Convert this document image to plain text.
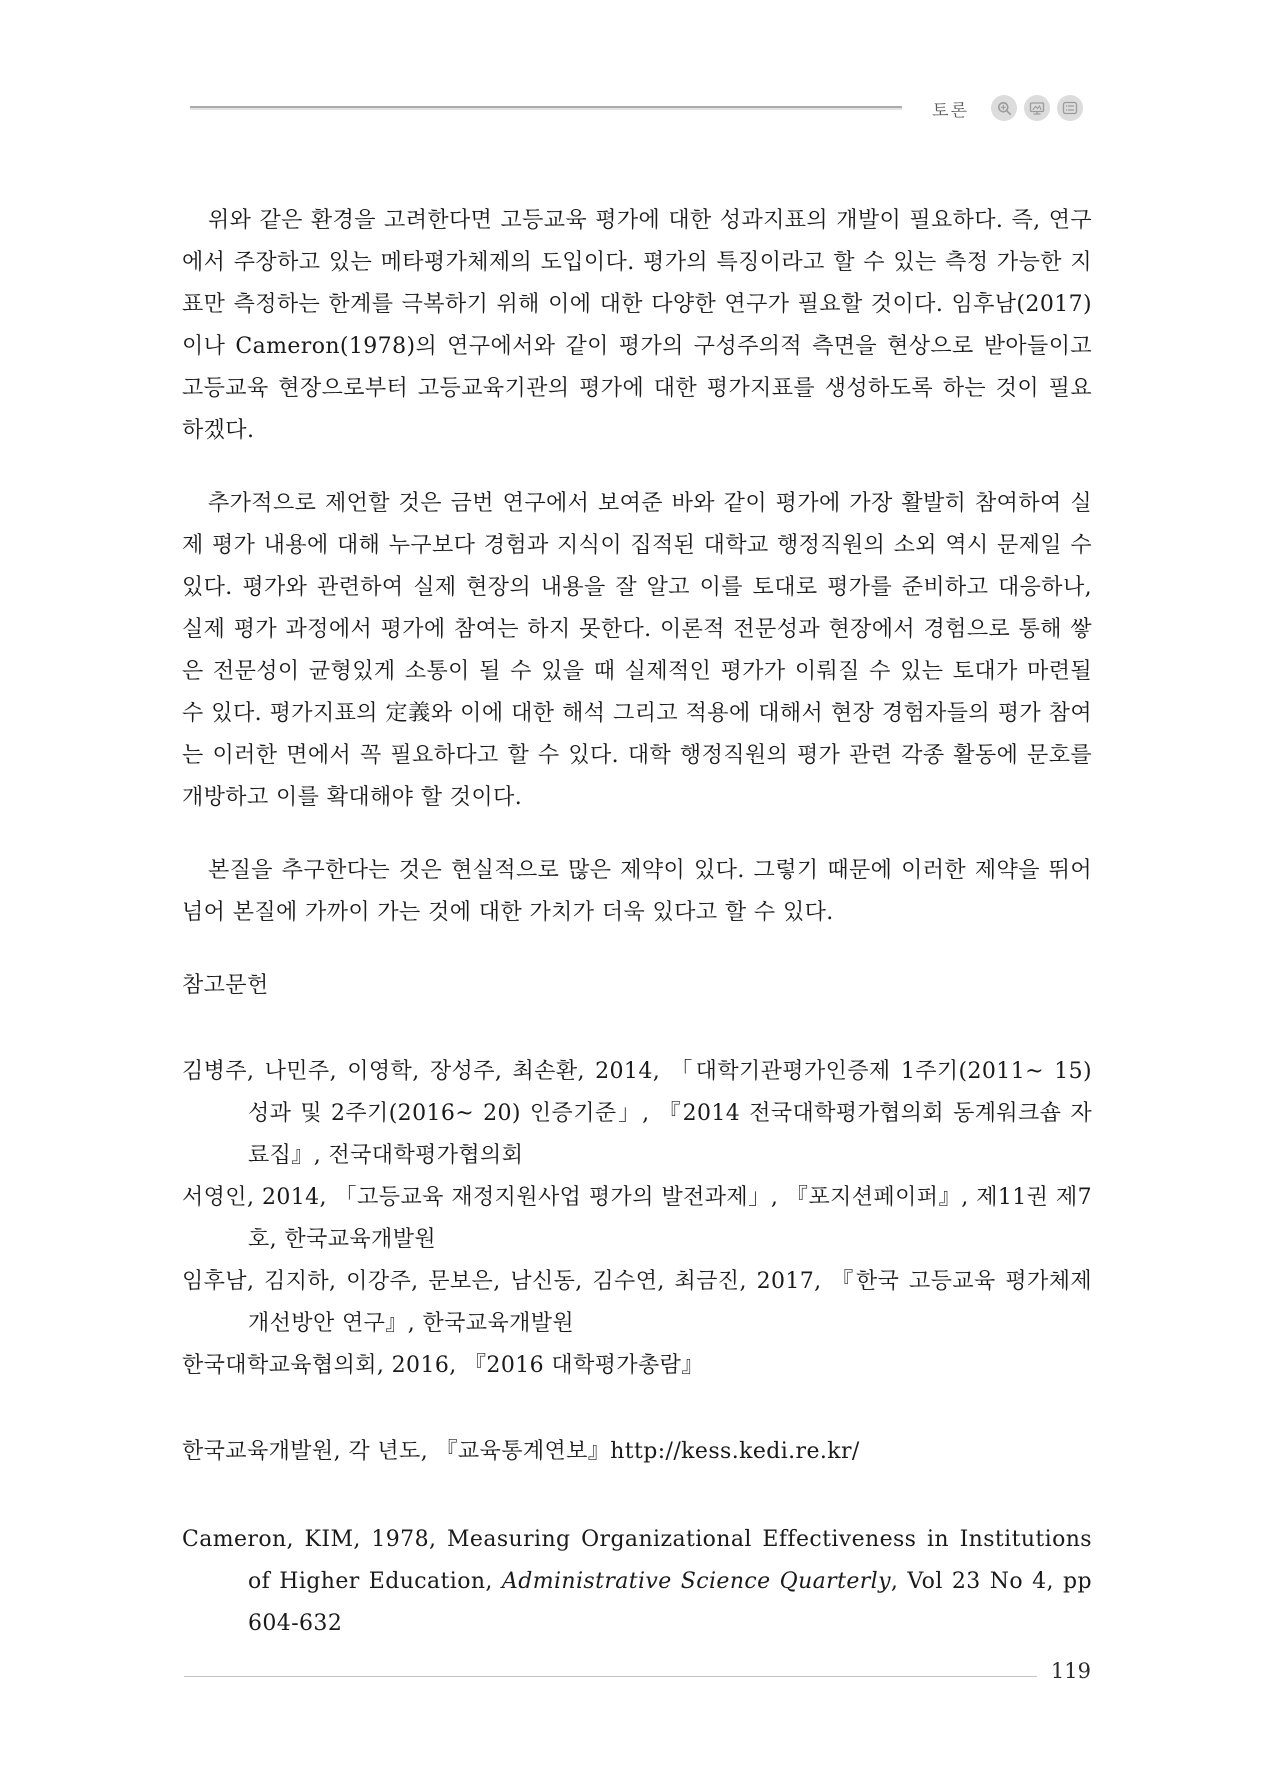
토론

위와 같은 환경을 고려한다면 고등교육 평가에 대한 성과지표의 개발이 필요하다. 즉, 연구에서 주장하고 있는 메타평가체제의 도입이다. 평가의 특징이라고 할 수 있는 측정 가능한 지표만 측정하는 한계를 극복하기 위해 이에 대한 다양한 연구가 필요할 것이다. 임후남(2017)이나 Cameron(1978)의 연구에서와 같이 평가의 구성주의적 측면을 현상으로 받아들이고 고등교육 현장으로부터 고등교육기관의 평가에 대한 평가지표를 생성하도록 하는 것이 필요하겠다.

추가적으로 제언할 것은 금번 연구에서 보여준 바와 같이 평가에 가장 활발히 참여하여 실제 평가 내용에 대해 누구보다 경험과 지식이 집적된 대학교 행정직원의 소외 역시 문제일 수 있다. 평가와 관련하여 실제 현장의 내용을 잘 알고 이를 토대로 평가를 준비하고 대응하나, 실제 평가 과정에서 평가에 참여는 하지 못한다. 이론적 전문성과 현장에서 경험으로 통해 쌓은 전문성이 균형있게 소통이 될 수 있을 때 실제적인 평가가 이뤄질 수 있는 토대가 마련될 수 있다. 평가지표의 定義와 이에 대한 해석 그리고 적용에 대해서 현장 경험자들의 평가 참여는 이러한 면에서 꼭 필요하다고 할 수 있다. 대학 행정직원의 평가 관련 각종 활동에 문호를 개방하고 이를 확대해야 할 것이다.

본질을 추구한다는 것은 현실적으로 많은 제약이 있다. 그렇기 때문에 이러한 제약을 뛰어넘어 본질에 가까이 가는 것에 대한 가치가 더욱 있다고 할 수 있다.

참고문헌

김병주, 나민주, 이영학, 장성주, 최손환, 2014, 「대학기관평가인증제 1주기(2011~ 15) 성과 및 2주기(2016~ 20) 인증기준」, 『2014 전국대학평가협의회 동계워크숍 자료집』, 전국대학평가협의회

서영인, 2014, 「고등교육 재정지원사업 평가의 발전과제」, 『포지션페이퍼』, 제11권 제7호, 한국교육개발원

임후남, 김지하, 이강주, 문보은, 남신동, 김수연, 최금진, 2017, 『한국 고등교육 평가체제 개선방안 연구』, 한국교육개발원

한국대학교육협의회, 2016, 『2016 대학평가총람』

한국교육개발원, 각 년도, 『교육통계연보』http://kess.kedi.re.kr/

Cameron, KIM, 1978, Measuring Organizational Effectiveness in Institutions of Higher Education, Administrative Science Quarterly, Vol 23 No 4, pp 604-632

119
